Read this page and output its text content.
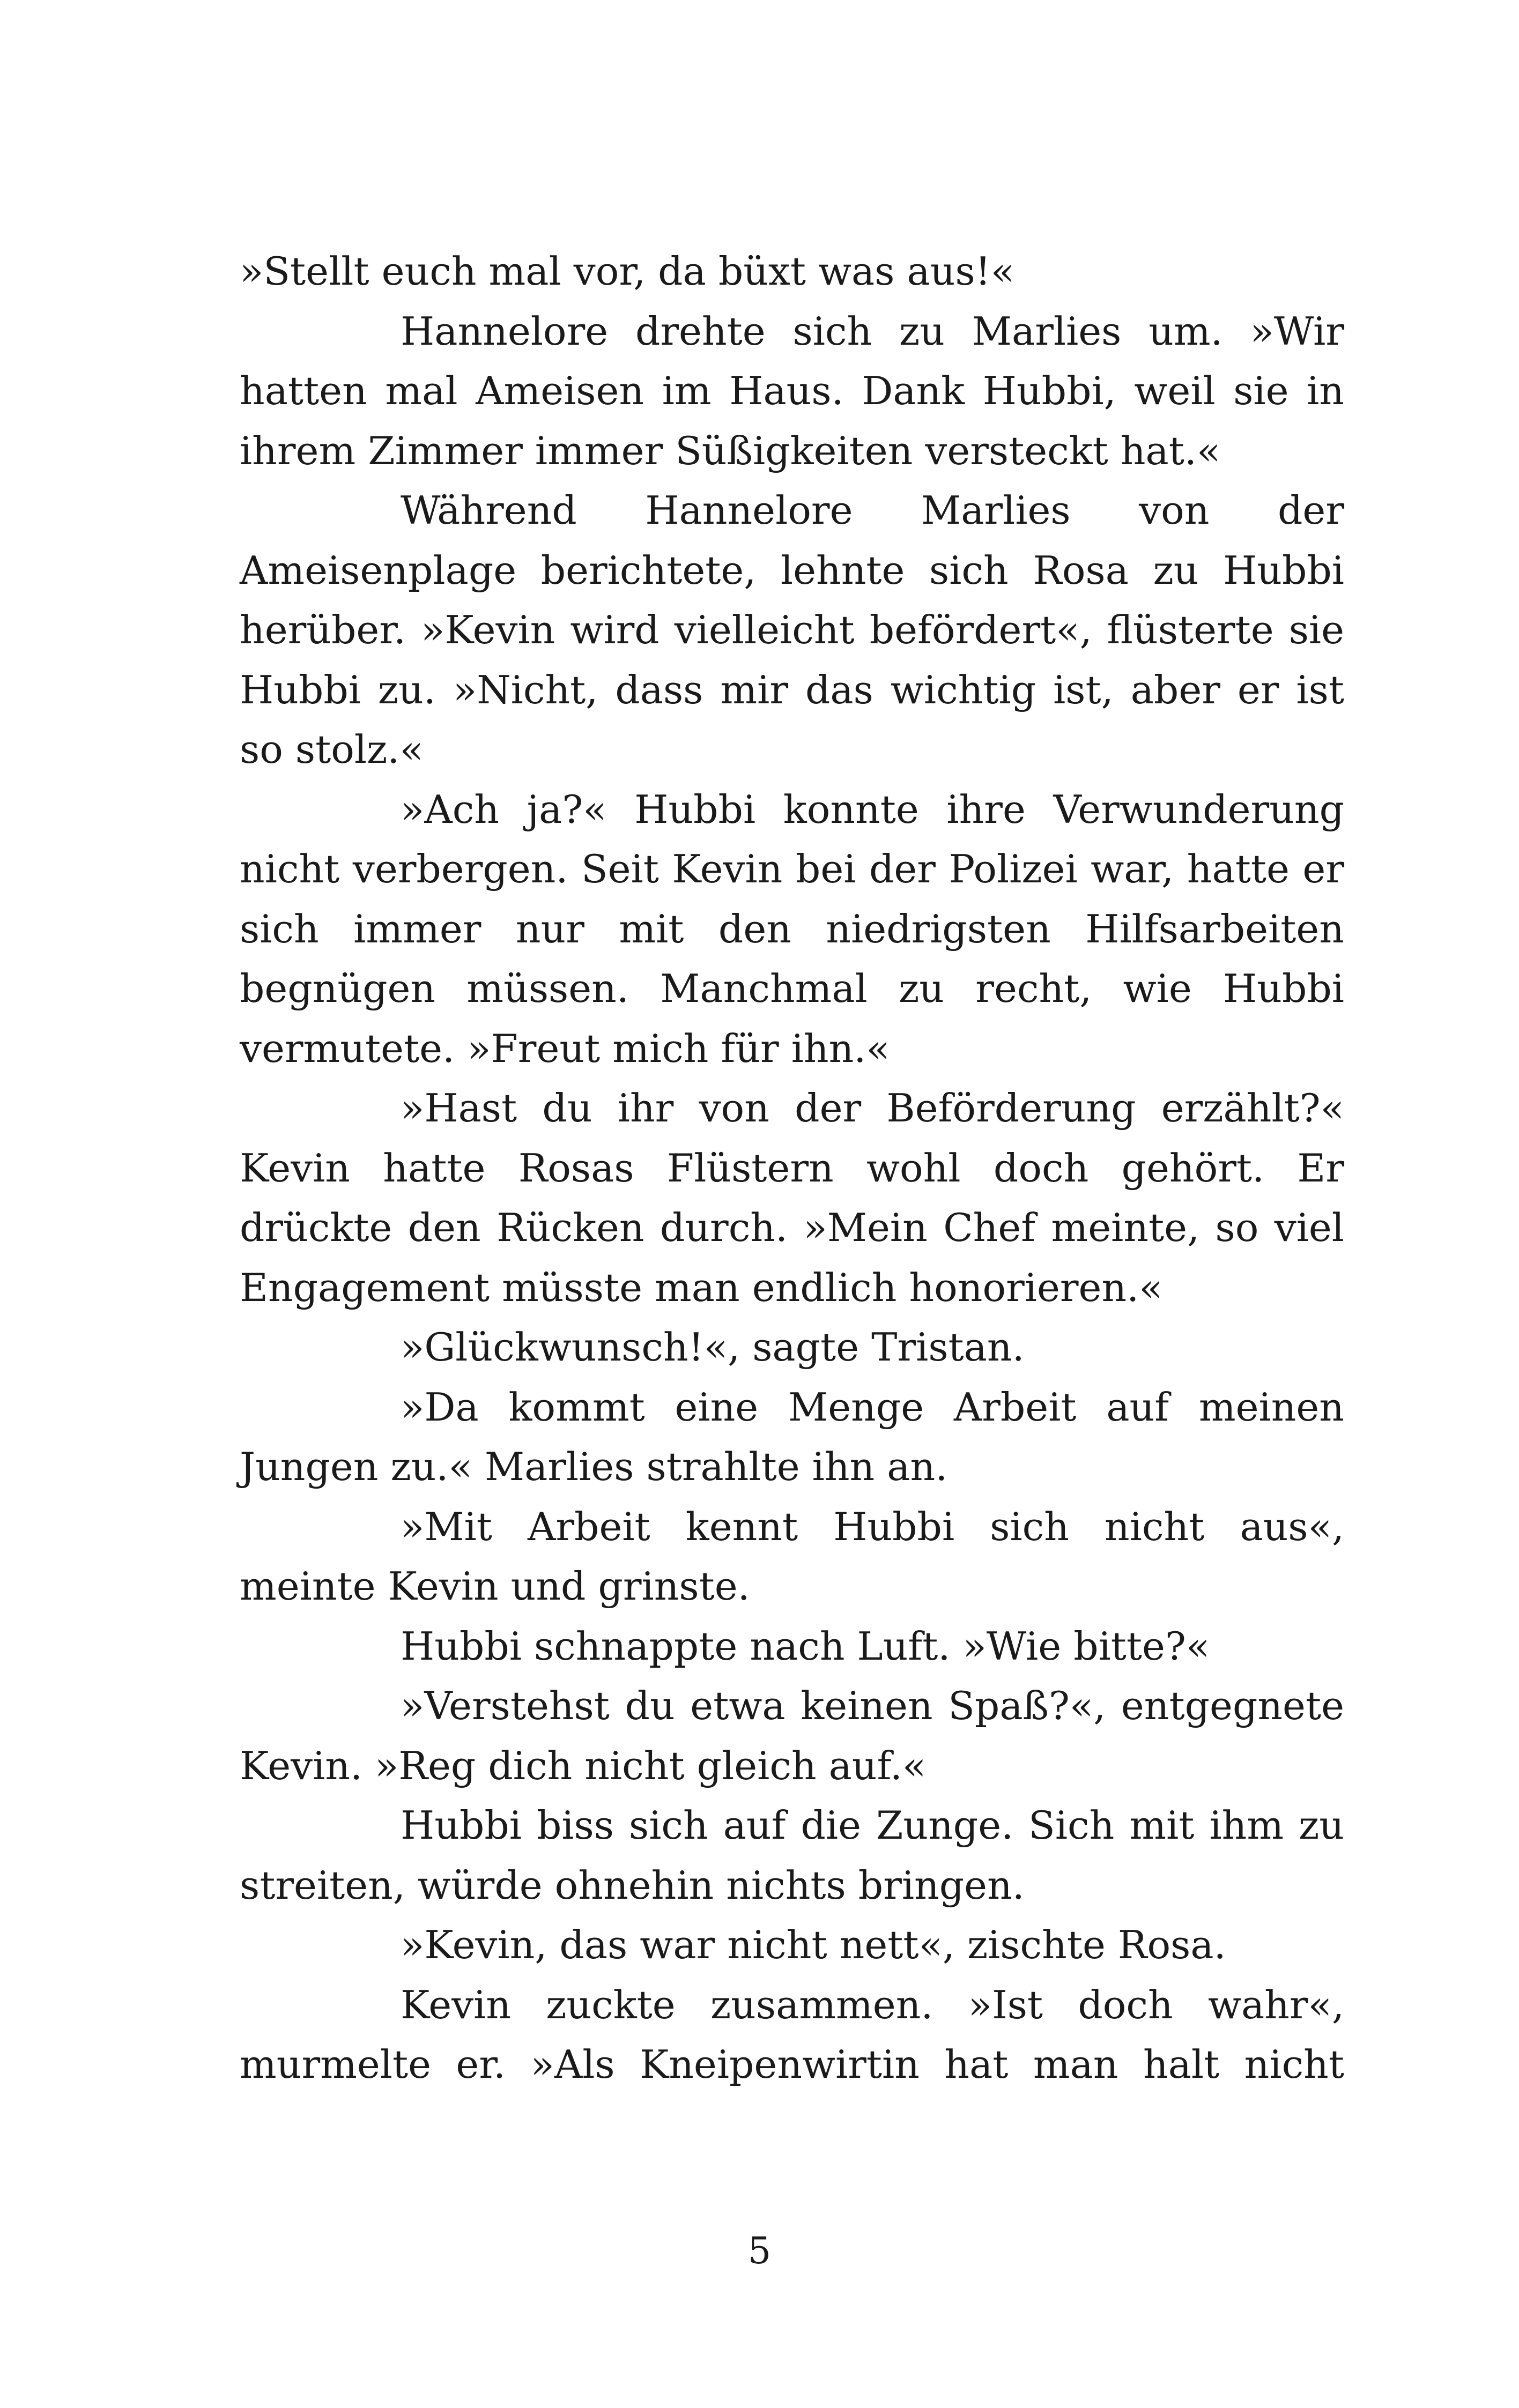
»Stellt euch mal vor, da büxt was aus!«

Hannelore drehte sich zu Marlies um. »Wir hatten mal Ameisen im Haus. Dank Hubbi, weil sie in ihrem Zimmer immer Süßigkeiten versteckt hat.«

Während Hannelore Marlies von der Ameisenplage berichtete, lehnte sich Rosa zu Hubbi herüber. »Kevin wird vielleicht befördert«, flüsterte sie Hubbi zu. »Nicht, dass mir das wichtig ist, aber er ist so stolz.«

»Ach ja?« Hubbi konnte ihre Verwunderung nicht verbergen. Seit Kevin bei der Polizei war, hatte er sich immer nur mit den niedrigsten Hilfsarbeiten begnügen müssen. Manchmal zu recht, wie Hubbi vermutete. »Freut mich für ihn.«

»Hast du ihr von der Beförderung erzählt?« Kevin hatte Rosas Flüstern wohl doch gehört. Er drückte den Rücken durch. »Mein Chef meinte, so viel Engagement müsste man endlich honorieren.«

»Glückwunsch!«, sagte Tristan.

»Da kommt eine Menge Arbeit auf meinen Jungen zu.« Marlies strahlte ihn an.

»Mit Arbeit kennt Hubbi sich nicht aus«, meinte Kevin und grinste.

Hubbi schnappte nach Luft. »Wie bitte?«

»Verstehst du etwa keinen Spaß?«, entgegnete Kevin. »Reg dich nicht gleich auf.«

Hubbi biss sich auf die Zunge. Sich mit ihm zu streiten, würde ohnehin nichts bringen.

»Kevin, das war nicht nett«, zischte Rosa.

Kevin zuckte zusammen. »Ist doch wahr«, murmelte er. »Als Kneipenwirtin hat man halt nicht

5
